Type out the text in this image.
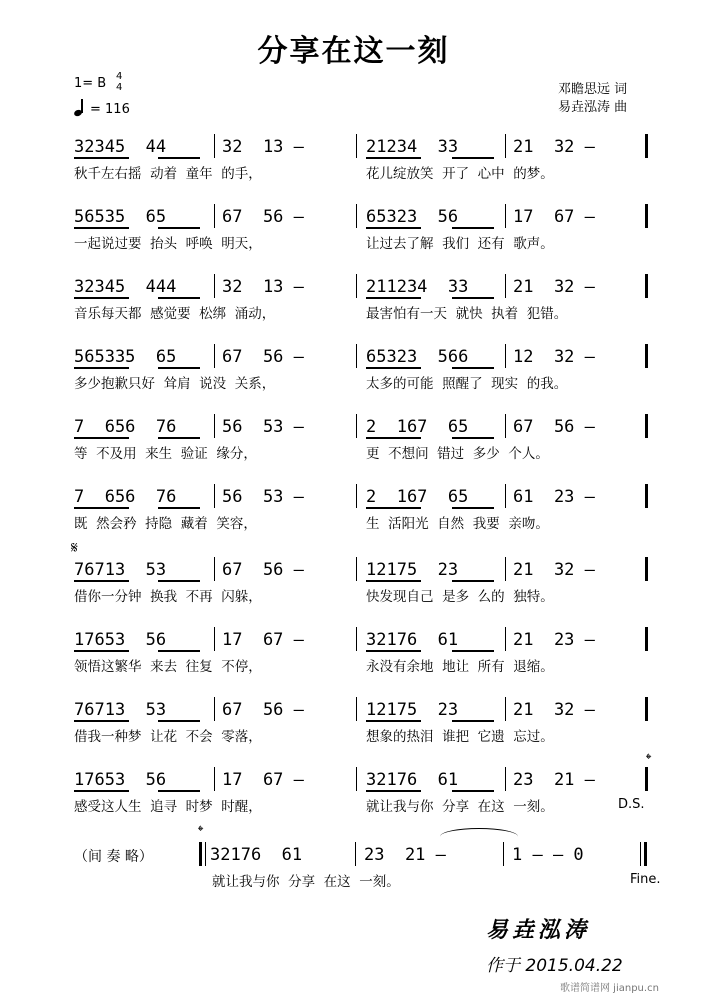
分享在这一刻
1= B 4
4
= 116
邓瞻思远 词
易垚泓涛 曲
32345  44	32  13 —	21234  33	21  32 —
秋千左右摇  动着  童年  的手，	花儿绽放笑  开了  心中  的梦。
56535  65	67  56 —	65323  56	17  67 —
一起说过要  抬头  呼唤  明天，	让过去了解  我们  还有  歌声。
32345  444	32  13 —	211234  33	21  32 —
音乐每天都  感觉要  松绑  涌动，	最害怕有一天  就快  执着  犯错。
565335  65	67  56 —	65323  566	12  32 —
多少抱歉只好  耸肩  说没  关系，	太多的可能  照醒了  现实  的我。
7  656  76	56  53 —	2  167  65	67  56 —
等  不及用  来生  验证  缘分，	更  不想问  错过  多少  个人。
7  656  76	56  53 —	2  167  65	61  23 —
既  然会矜  持隐  藏着  笑容，	生  活阳光  自然  我要  亲吻。
76713  53	67  56 —	12175  23	21  32 —
借你一分钟  换我  不再  闪躲，	快发现自己  是多  么的  独特。
17653  56	17  67 —	32176  61	21  23 —
领悟这繁华  来去  往复  不停，	永没有余地  地让  所有  退缩。
76713  53	67  56 —	12175  23	21  32 —
借我一种梦  让花  不会  零落，	想象的热泪  谁把  它遗  忘过。
17653  56	17  67 —	32176  61	23  21 —
感受这人生  追寻  时梦  时醒，	就让我与你  分享  在这  一刻。
𝄋
𝄌
𝄌
D.S.
（间 奏 略）	32176  61	23  21 —	1 — — 0
就让我与你  分享  在这  一刻。	Fine.
易垚泓涛
作于 2015.04.22
歌谱简谱网 jianpu.cn
